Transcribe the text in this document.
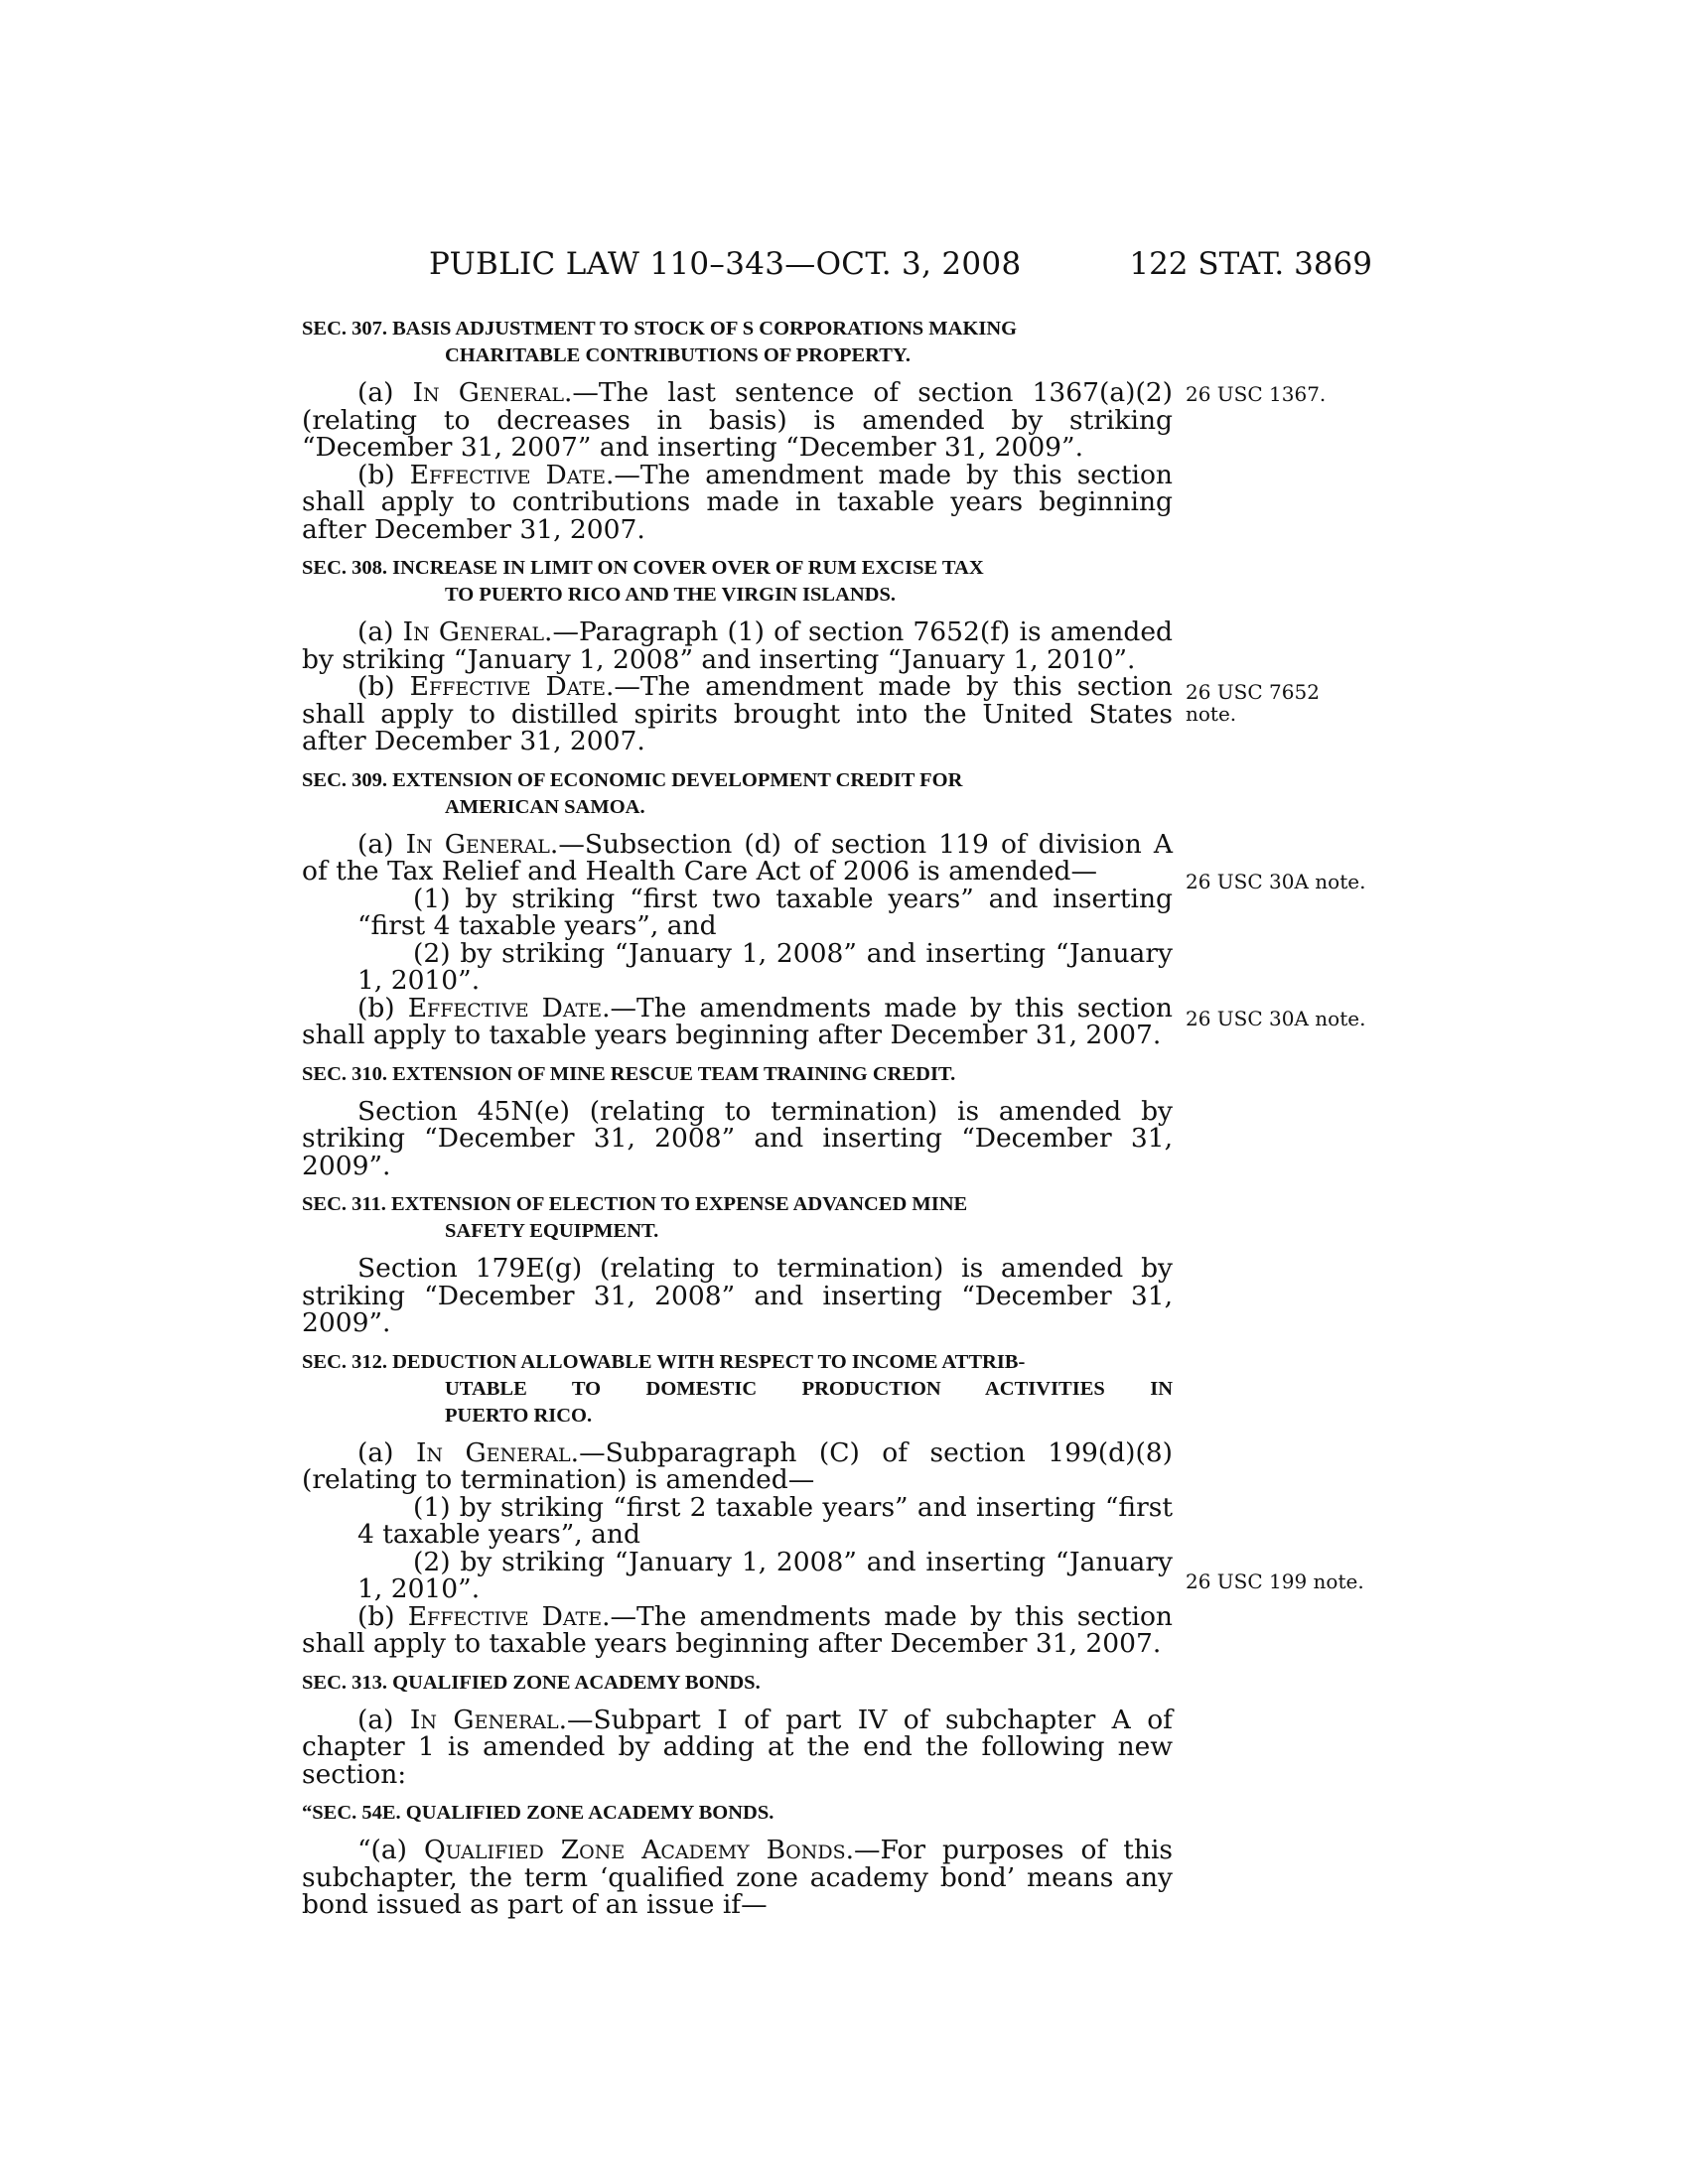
PUBLIC LAW 110–343—OCT. 3, 2008	122 STAT. 3869
26 USC 1367.
26 USC 7652
note.
26 USC 30A note.
26 USC 30A note.
26 USC 199 note.
SEC. 307. BASIS ADJUSTMENT TO STOCK OF S CORPORATIONS MAKING
CHARITABLE CONTRIBUTIONS OF PROPERTY.

(a) In General.—The last sentence of section 1367(a)(2) (relating to decreases in basis) is amended by striking “December 31, 2007” and inserting “December 31, 2009”.

(b) Effective Date.—The amendment made by this section shall apply to contributions made in taxable years beginning after December 31, 2007.

SEC. 308. INCREASE IN LIMIT ON COVER OVER OF RUM EXCISE TAX
TO PUERTO RICO AND THE VIRGIN ISLANDS.

(a) In General.—Paragraph (1) of section 7652(f) is amended by striking “January 1, 2008” and inserting “January 1, 2010”.

(b) Effective Date.—The amendment made by this section shall apply to distilled spirits brought into the United States after December 31, 2007.

SEC. 309. EXTENSION OF ECONOMIC DEVELOPMENT CREDIT FOR
AMERICAN SAMOA.

(a) In General.—Subsection (d) of section 119 of division A of the Tax Relief and Health Care Act of 2006 is amended—

(1) by striking “first two taxable years” and inserting “first 4 taxable years”, and

(2) by striking “January 1, 2008” and inserting “January 1, 2010”.

(b) Effective Date.—The amendments made by this section shall apply to taxable years beginning after December 31, 2007.

SEC. 310. EXTENSION OF MINE RESCUE TEAM TRAINING CREDIT.

Section 45N(e) (relating to termination) is amended by striking “December 31, 2008” and inserting “December 31, 2009”.

SEC. 311. EXTENSION OF ELECTION TO EXPENSE ADVANCED MINE
SAFETY EQUIPMENT.

Section 179E(g) (relating to termination) is amended by striking “December 31, 2008” and inserting “December 31, 2009”.

SEC. 312. DEDUCTION ALLOWABLE WITH RESPECT TO INCOME ATTRIB-
UTABLE TO DOMESTIC PRODUCTION ACTIVITIES IN
PUERTO RICO.

(a) In General.—Subparagraph (C) of section 199(d)(8) (relating to termination) is amended—

(1) by striking “first 2 taxable years” and inserting “first 4 taxable years”, and

(2) by striking “January 1, 2008” and inserting “January 1, 2010”.

(b) Effective Date.—The amendments made by this section shall apply to taxable years beginning after December 31, 2007.

SEC. 313. QUALIFIED ZONE ACADEMY BONDS.

(a) In General.—Subpart I of part IV of subchapter A of chapter 1 is amended by adding at the end the following new section:

“SEC. 54E. QUALIFIED ZONE ACADEMY BONDS.

“(a) Qualified Zone Academy Bonds.—For purposes of this subchapter, the term ‘qualified zone academy bond’ means any bond issued as part of an issue if—
